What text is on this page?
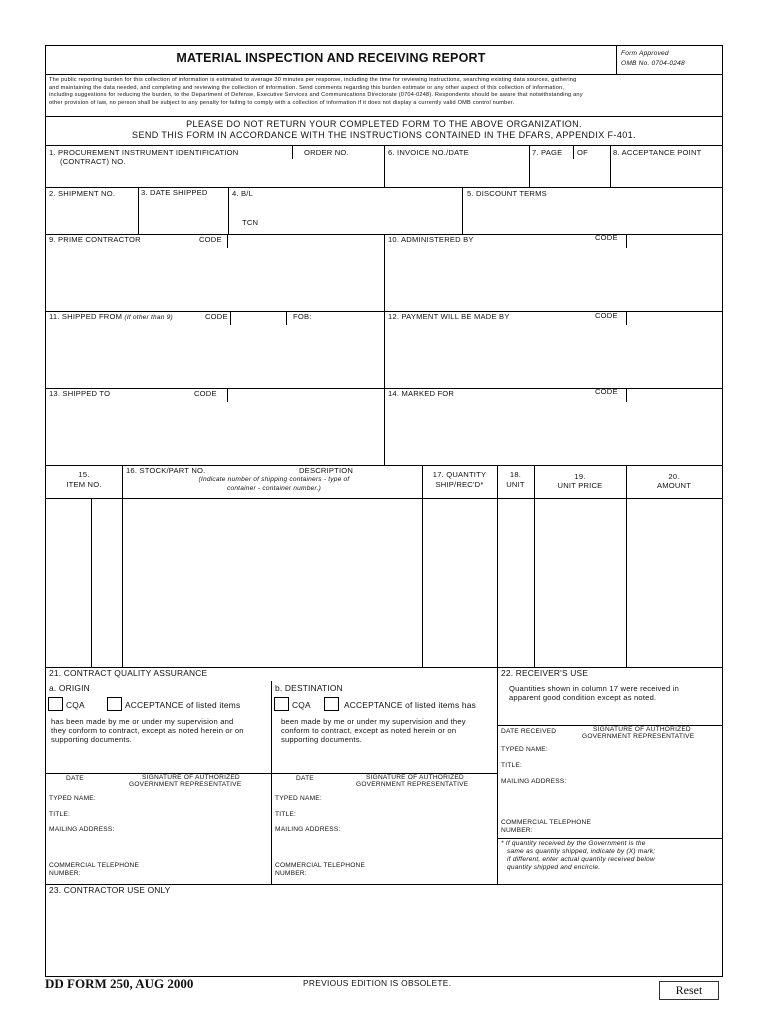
MATERIAL INSPECTION AND RECEIVING REPORT	Form Approved
OMB No. 0704-0248
The public reporting burden for this collection of information is estimated to average 30 minutes per response, including the time for reviewing instructions, searching existing data sources, gathering
and maintaining the data needed, and completing and reviewing the collection of information. Send comments regarding this burden estimate or any other aspect of this collection of information,
including suggestions for reducing the burden, to the Department of Defense, Executive Services and Communications Directorate (0704-0248). Respondents should be aware that notwithstanding any
other provision of law, no person shall be subject to any penalty for failing to comply with a collection of information if it does not display a currently valid OMB control number.
PLEASE DO NOT RETURN YOUR COMPLETED FORM TO THE ABOVE ORGANIZATION.
SEND THIS FORM IN ACCORDANCE WITH THE INSTRUCTIONS CONTAINED IN THE DFARS, APPENDIX F-401.
1. PROCUREMENT INSTRUMENT IDENTIFICATION
(CONTRACT) NO.
ORDER NO.	6. INVOICE NO./DATE	7. PAGE OF	8. ACCEPTANCE POINT
2. SHIPMENT NO.	3. DATE SHIPPED	4. B/L
TCN
5. DISCOUNT TERMS
9. PRIME CONTRACTOR	CODE	10. ADMINISTERED BY	CODE
11. SHIPPED FROM (If other than 9)	CODE	FOB:	12. PAYMENT WILL BE MADE BY	CODE
13. SHIPPED TO	CODE	14. MARKED FOR	CODE
15.
ITEM NO.
16. STOCK/PART NO.	DESCRIPTION
(Indicate number of shipping containers - type of
container - container number.)
17. QUANTITY
SHIP/REC'D*
18.
UNIT
19.
UNIT PRICE
20.
AMOUNT
21. CONTRACT QUALITY ASSURANCE
a. ORIGIN	b. DESTINATION
CQA	ACCEPTANCE of listed items
has been made by me or under my supervision and
they conform to contract, except as noted herein or on
supporting documents.
CQA	ACCEPTANCE of listed items has
been made by me or under my supervision and they
conform to contract, except as noted herein or on
supporting documents.
DATE	SIGNATURE OF AUTHORIZED
GOVERNMENT REPRESENTATIVE
TYPED NAME:
TITLE:
MAILING ADDRESS:
COMMERCIAL TELEPHONE
NUMBER:
DATE	SIGNATURE OF AUTHORIZED
GOVERNMENT REPRESENTATIVE
TYPED NAME:
TITLE:
MAILING ADDRESS:
COMMERCIAL TELEPHONE
NUMBER:
22. RECEIVER'S USE
Quantities shown in column 17 were received in
apparent good condition except as noted.
DATE RECEIVED	SIGNATURE OF AUTHORIZED
GOVERNMENT REPRESENTATIVE
TYPED NAME:
TITLE:
MAILING ADDRESS:
COMMERCIAL TELEPHONE
NUMBER:
* If quantity received by the Government is the
same as quantity shipped, indicate by (X) mark;
if different, enter actual quantity received below
quantity shipped and encircle.
23. CONTRACTOR USE ONLY
DD FORM 250, AUG 2000	PREVIOUS EDITION IS OBSOLETE.	Reset
